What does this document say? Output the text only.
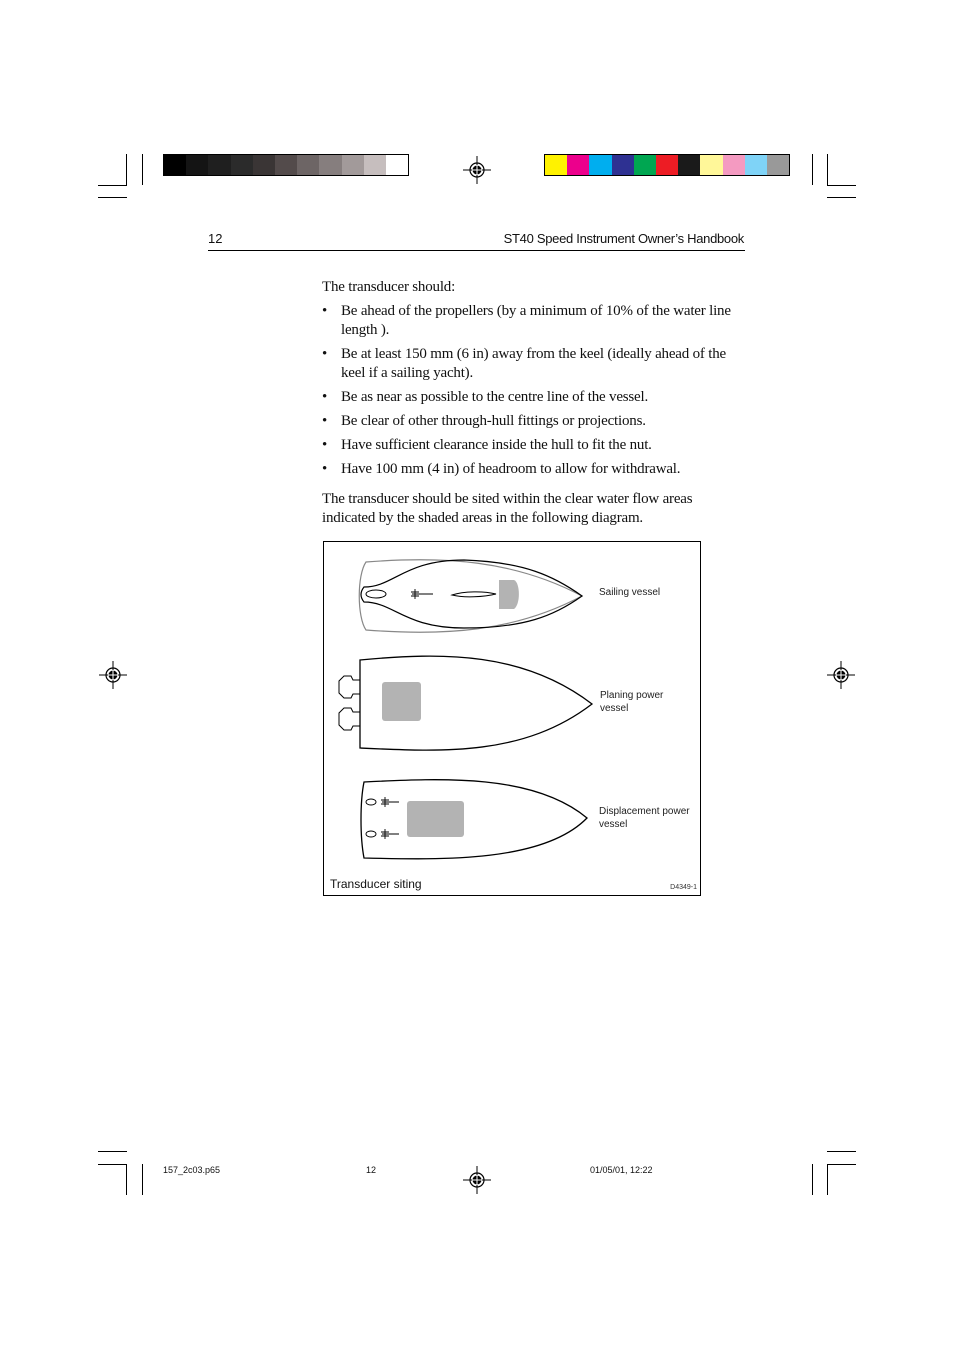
12	ST40 Speed Instrument Owner’s Handbook

The transducer should:

• Be ahead of the propellers (by a minimum of 10% of the water line length ).
• Be at least 150 mm (6 in) away from the keel (ideally ahead of the keel if a sailing yacht).
• Be as near as possible to the centre line of the vessel.
• Be clear of other through-hull fittings or projections.
• Have sufficient clearance inside the hull to fit the nut.
• Have 100 mm (4 in) of headroom to allow for withdrawal.

The transducer should be sited within the clear water flow areas indicated by the shaded areas in the following diagram.

Sailing vessel
Planing power
vessel
Displacement power
vessel
Transducer siting	D4349-1
157_2c03.p65	12	01/05/01, 12:22
